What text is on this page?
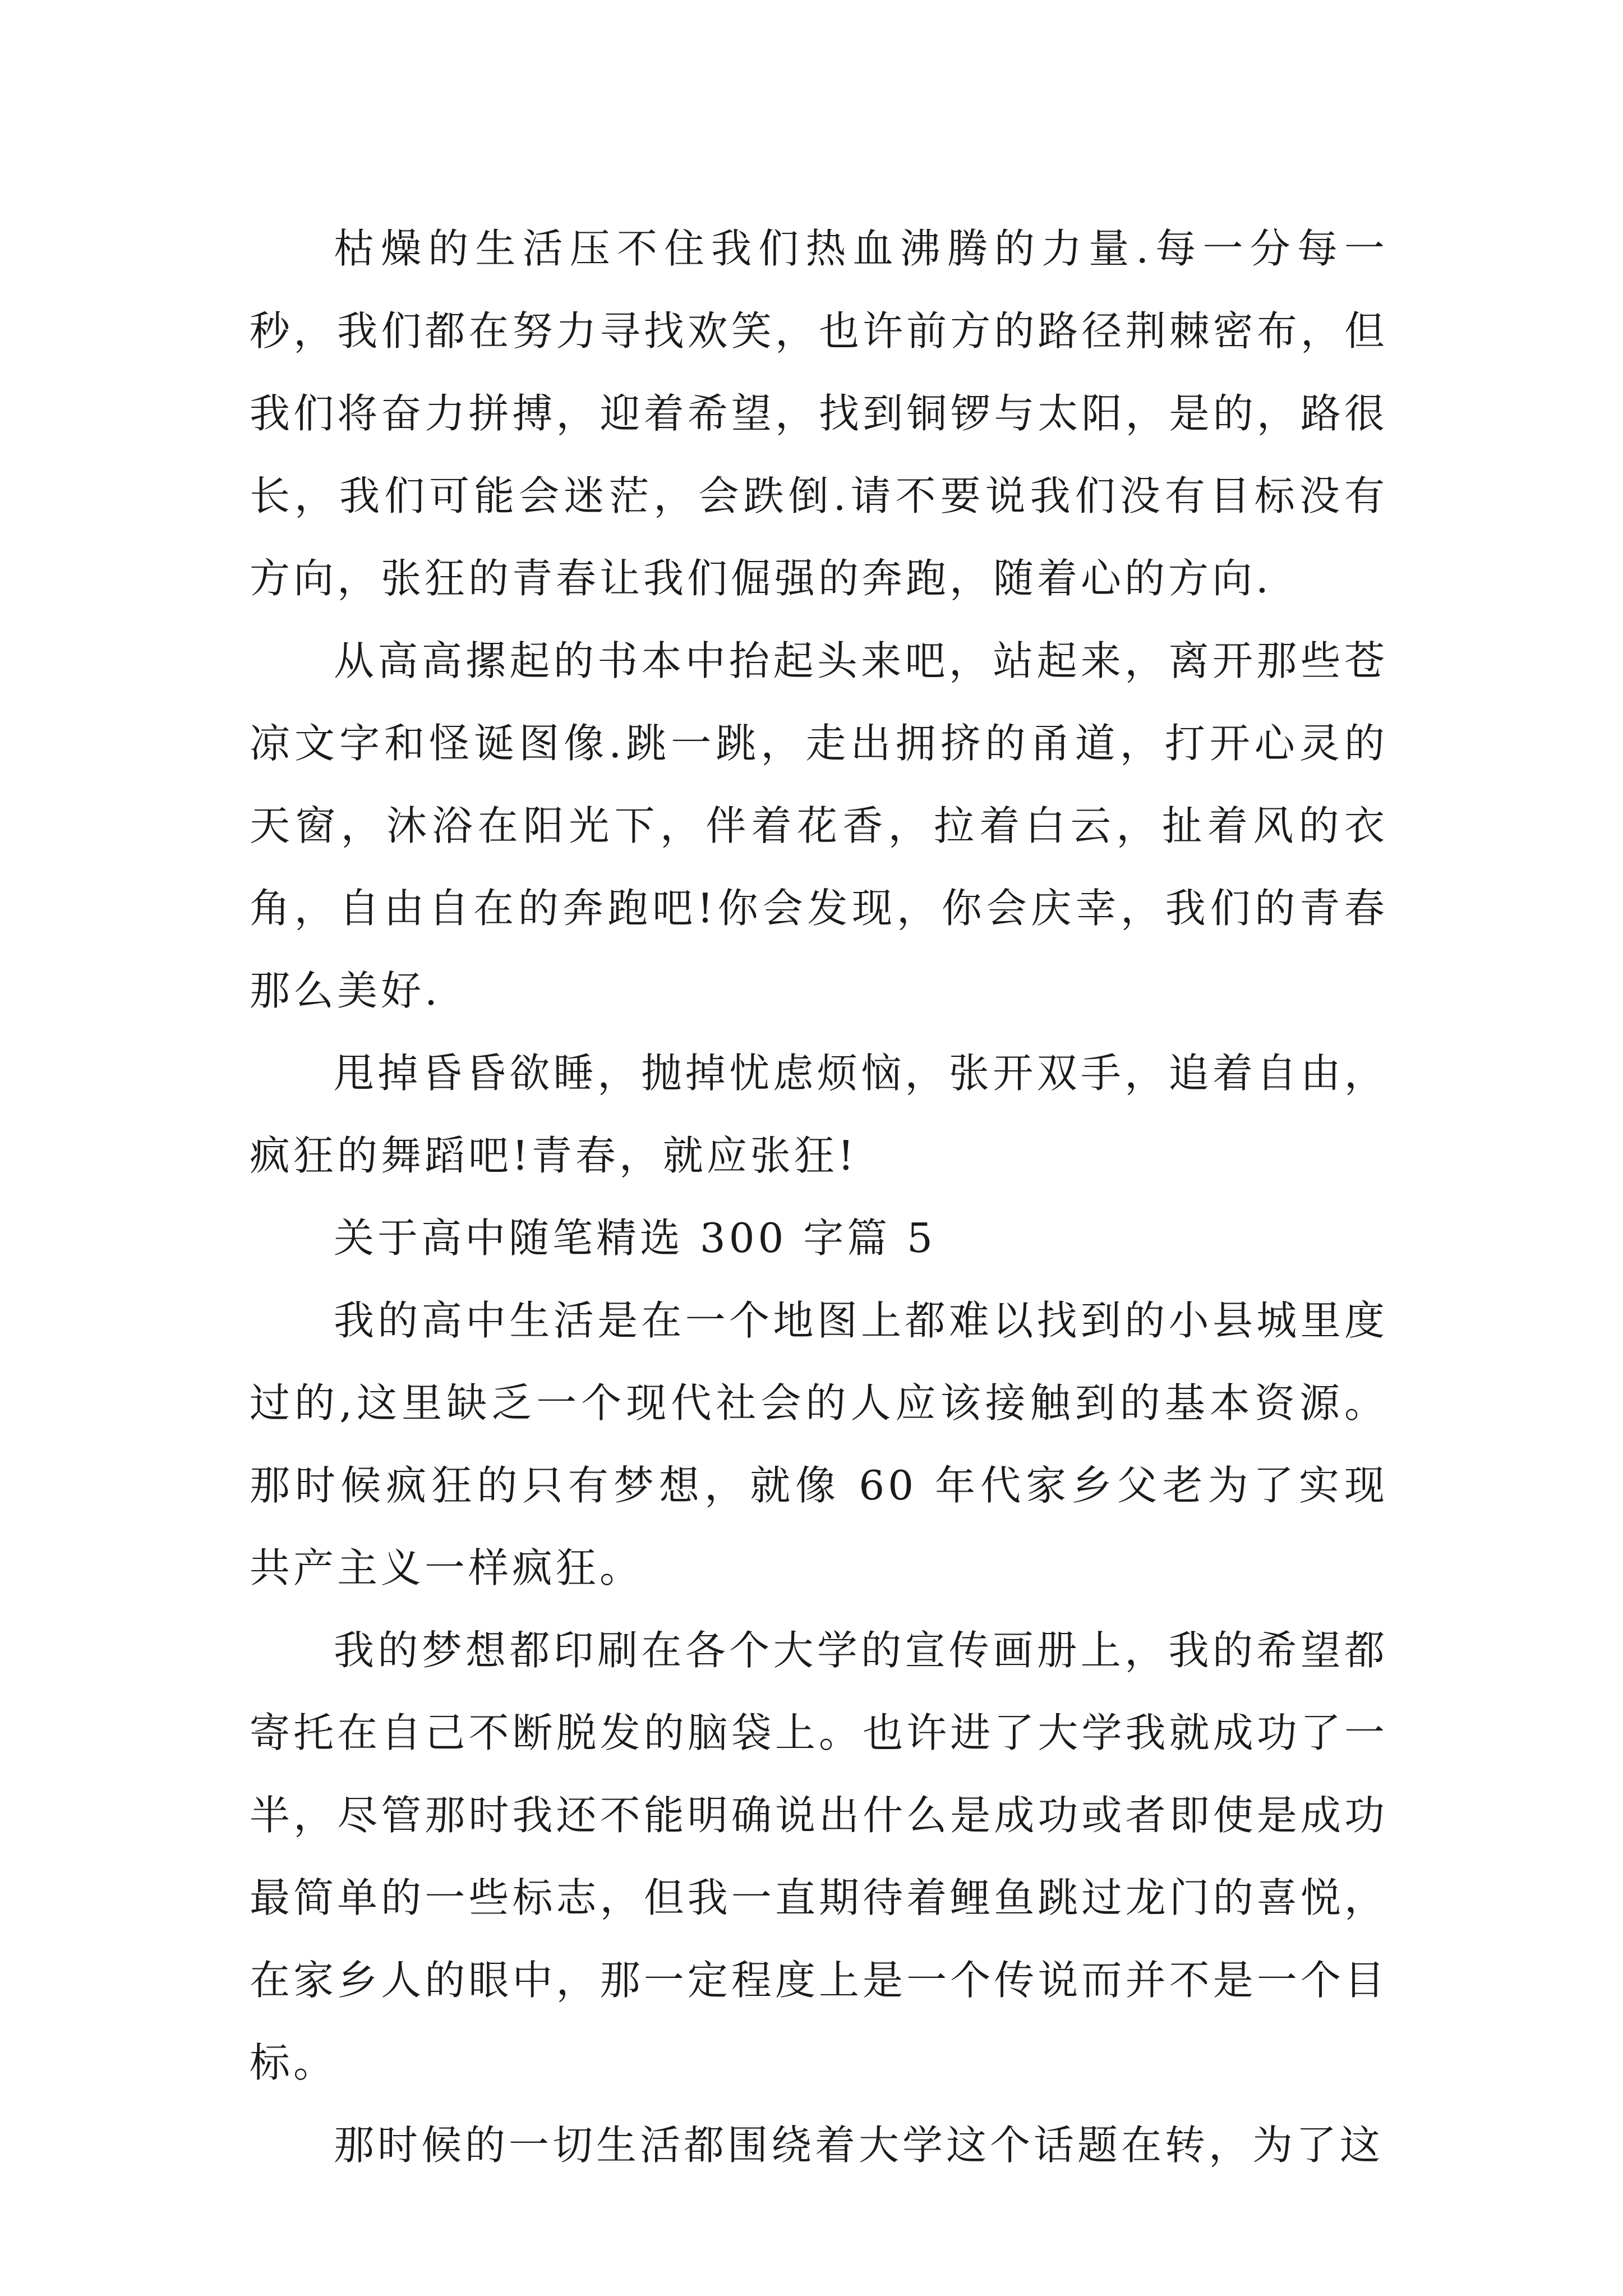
枯燥的生活压不住我们热血沸腾的力量.每一分每一秒，我们都在努力寻找欢笑，也许前方的路径荆棘密布，但我们将奋力拼搏，迎着希望，找到铜锣与太阳，是的，路很长，我们可能会迷茫，会跌倒.请不要说我们没有目标没有方向，张狂的青春让我们倔强的奔跑，随着心的方向.

从高高摞起的书本中抬起头来吧，站起来，离开那些苍凉文字和怪诞图像.跳一跳，走出拥挤的甬道，打开心灵的天窗，沐浴在阳光下，伴着花香，拉着白云，扯着风的衣角，自由自在的奔跑吧!你会发现，你会庆幸，我们的青春那么美好.

甩掉昏昏欲睡，抛掉忧虑烦恼，张开双手，追着自由，疯狂的舞蹈吧!青春，就应张狂!

关于高中随笔精选 300 字篇 5

我的高中生活是在一个地图上都难以找到的小县城里度过的,这里缺乏一个现代社会的人应该接触到的基本资源。那时候疯狂的只有梦想，就像 60 年代家乡父老为了实现共产主义一样疯狂。

我的梦想都印刷在各个大学的宣传画册上，我的希望都寄托在自己不断脱发的脑袋上。也许进了大学我就成功了一半，尽管那时我还不能明确说出什么是成功或者即使是成功最简单的一些标志，但我一直期待着鲤鱼跳过龙门的喜悦，在家乡人的眼中，那一定程度上是一个传说而并不是一个目标。

那时候的一切生活都围绕着大学这个话题在转，为了这
